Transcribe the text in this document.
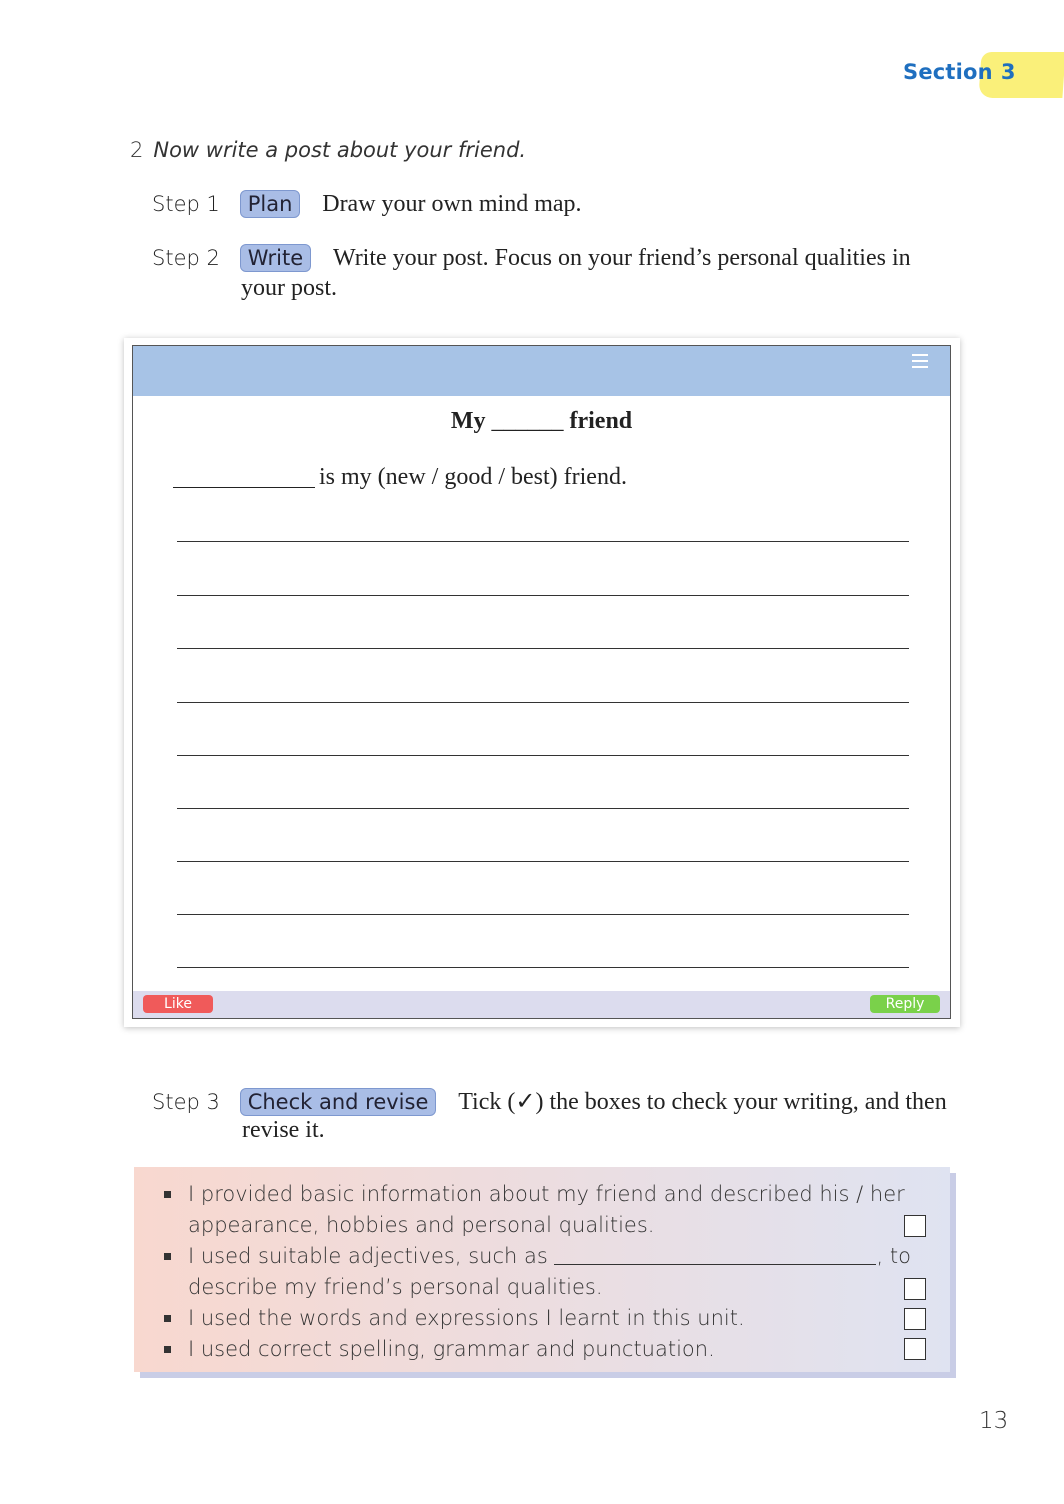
Section 3
2 Now write a post about your friend.
Step 1 Plan Draw your own mind map.
Step 2 Write Write your post. Focus on your friend’s personal qualities in
your post.
My ______ friend
is my (new / good / best) friend.
Like	Reply
Step 3 Check and revise Tick (✓) the boxes to check your writing, and then
revise it.
I provided basic information about my friend and described his / her
appearance, hobbies and personal qualities.
I used suitable adjectives, such as	, to
describe my friend’s personal qualities.
I used the words and expressions I learnt in this unit.
I used correct spelling, grammar and punctuation.
13
